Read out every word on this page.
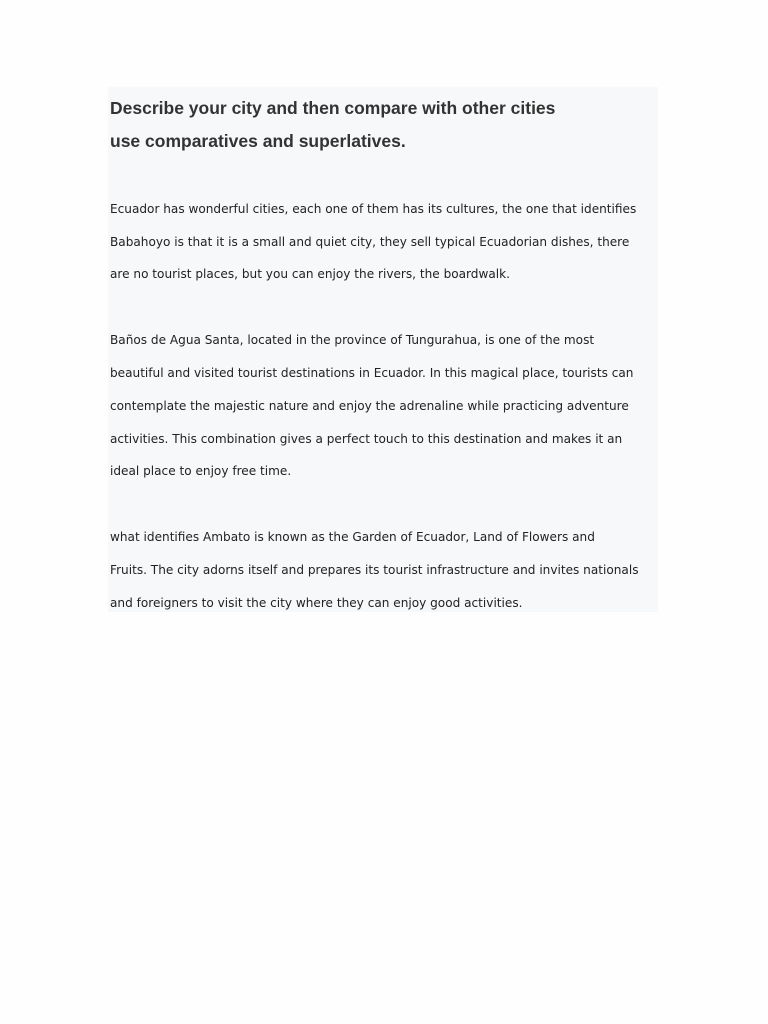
Describe your city and then compare with other cities
use comparatives and superlatives.
Ecuador has wonderful cities, each one of them has its cultures, the one that identifies
Babahoyo is that it is a small and quiet city, they sell typical Ecuadorian dishes, there
are no tourist places, but you can enjoy the rivers, the boardwalk.
Baños de Agua Santa, located in the province of Tungurahua, is one of the most
beautiful and visited tourist destinations in Ecuador. In this magical place, tourists can
contemplate the majestic nature and enjoy the adrenaline while practicing adventure
activities. This combination gives a perfect touch to this destination and makes it an
ideal place to enjoy free time.
what identifies Ambato is known as the Garden of Ecuador, Land of Flowers and
Fruits. The city adorns itself and prepares its tourist infrastructure and invites nationals
and foreigners to visit the city where they can enjoy good activities.
